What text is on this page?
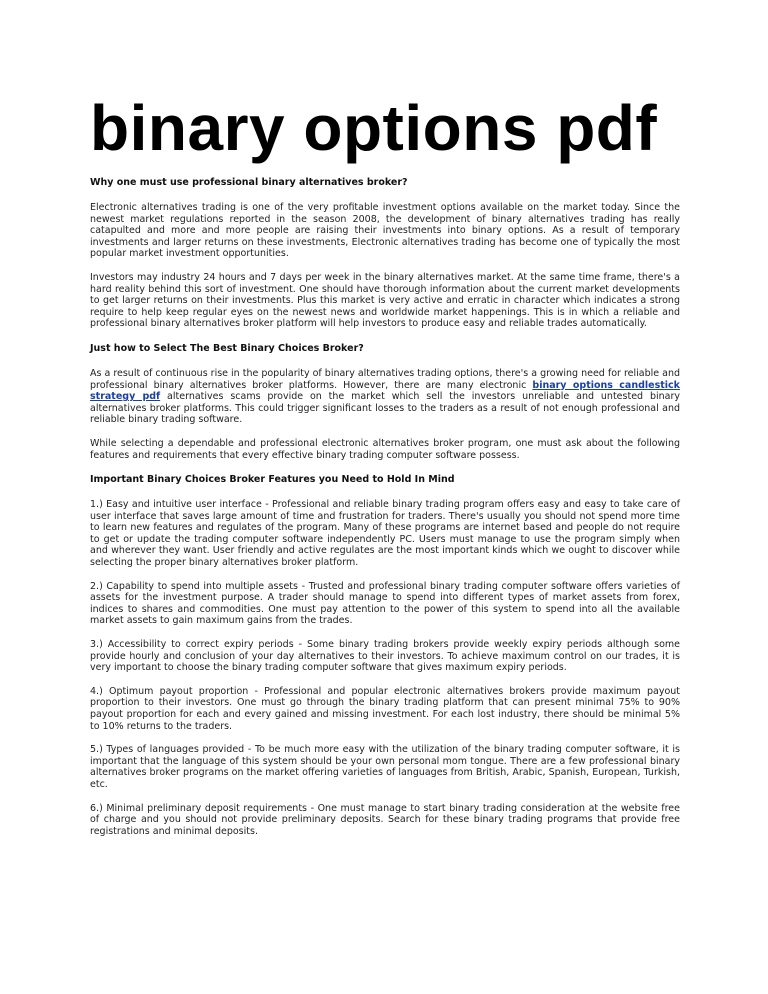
binary options pdf
Why one must use professional binary alternatives broker?

Electronic alternatives trading is one of the very profitable investment options available on the market today. Since the newest market regulations reported in the season 2008, the development of binary alternatives trading has really catapulted and more and more people are raising their investments into binary options. As a result of temporary investments and larger returns on these investments, Electronic alternatives trading has become one of typically the most popular market investment opportunities.

Investors may industry 24 hours and 7 days per week in the binary alternatives market. At the same time frame, there's a hard reality behind this sort of investment. One should have thorough information about the current market developments to get larger returns on their investments. Plus this market is very active and erratic in character which indicates a strong require to help keep regular eyes on the newest news and worldwide market happenings. This is in which a reliable and professional binary alternatives broker platform will help investors to produce easy and reliable trades automatically.

Just how to Select The Best Binary Choices Broker?

As a result of continuous rise in the popularity of binary alternatives trading options, there's a growing need for reliable and professional binary alternatives broker platforms. However, there are many electronic binary options candlestick strategy pdf alternatives scams provide on the market which sell the investors unreliable and untested binary alternatives broker platforms. This could trigger significant losses to the traders as a result of not enough professional and reliable binary trading software.

While selecting a dependable and professional electronic alternatives broker program, one must ask about the following features and requirements that every effective binary trading computer software possess.

Important Binary Choices Broker Features you Need to Hold In Mind

1.) Easy and intuitive user interface - Professional and reliable binary trading program offers easy and easy to take care of user interface that saves large amount of time and frustration for traders. There's usually you should not spend more time to learn new features and regulates of the program. Many of these programs are internet based and people do not require to get or update the trading computer software independently PC. Users must manage to use the program simply when and wherever they want. User friendly and active regulates are the most important kinds which we ought to discover while selecting the proper binary alternatives broker platform.

2.) Capability to spend into multiple assets - Trusted and professional binary trading computer software offers varieties of assets for the investment purpose. A trader should manage to spend into different types of market assets from forex, indices to shares and commodities. One must pay attention to the power of this system to spend into all the available market assets to gain maximum gains from the trades.

3.) Accessibility to correct expiry periods - Some binary trading brokers provide weekly expiry periods although some provide hourly and conclusion of your day alternatives to their investors. To achieve maximum control on our trades, it is very important to choose the binary trading computer software that gives maximum expiry periods.

4.) Optimum payout proportion - Professional and popular electronic alternatives brokers provide maximum payout proportion to their investors. One must go through the binary trading platform that can present minimal 75% to 90% payout proportion for each and every gained and missing investment. For each lost industry, there should be minimal 5% to 10% returns to the traders.

5.) Types of languages provided - To be much more easy with the utilization of the binary trading computer software, it is important that the language of this system should be your own personal mom tongue. There are a few professional binary alternatives broker programs on the market offering varieties of languages from British, Arabic, Spanish, European, Turkish, etc.

6.) Minimal preliminary deposit requirements - One must manage to start binary trading consideration at the website free of charge and you should not provide preliminary deposits. Search for these binary trading programs that provide free registrations and minimal deposits.
